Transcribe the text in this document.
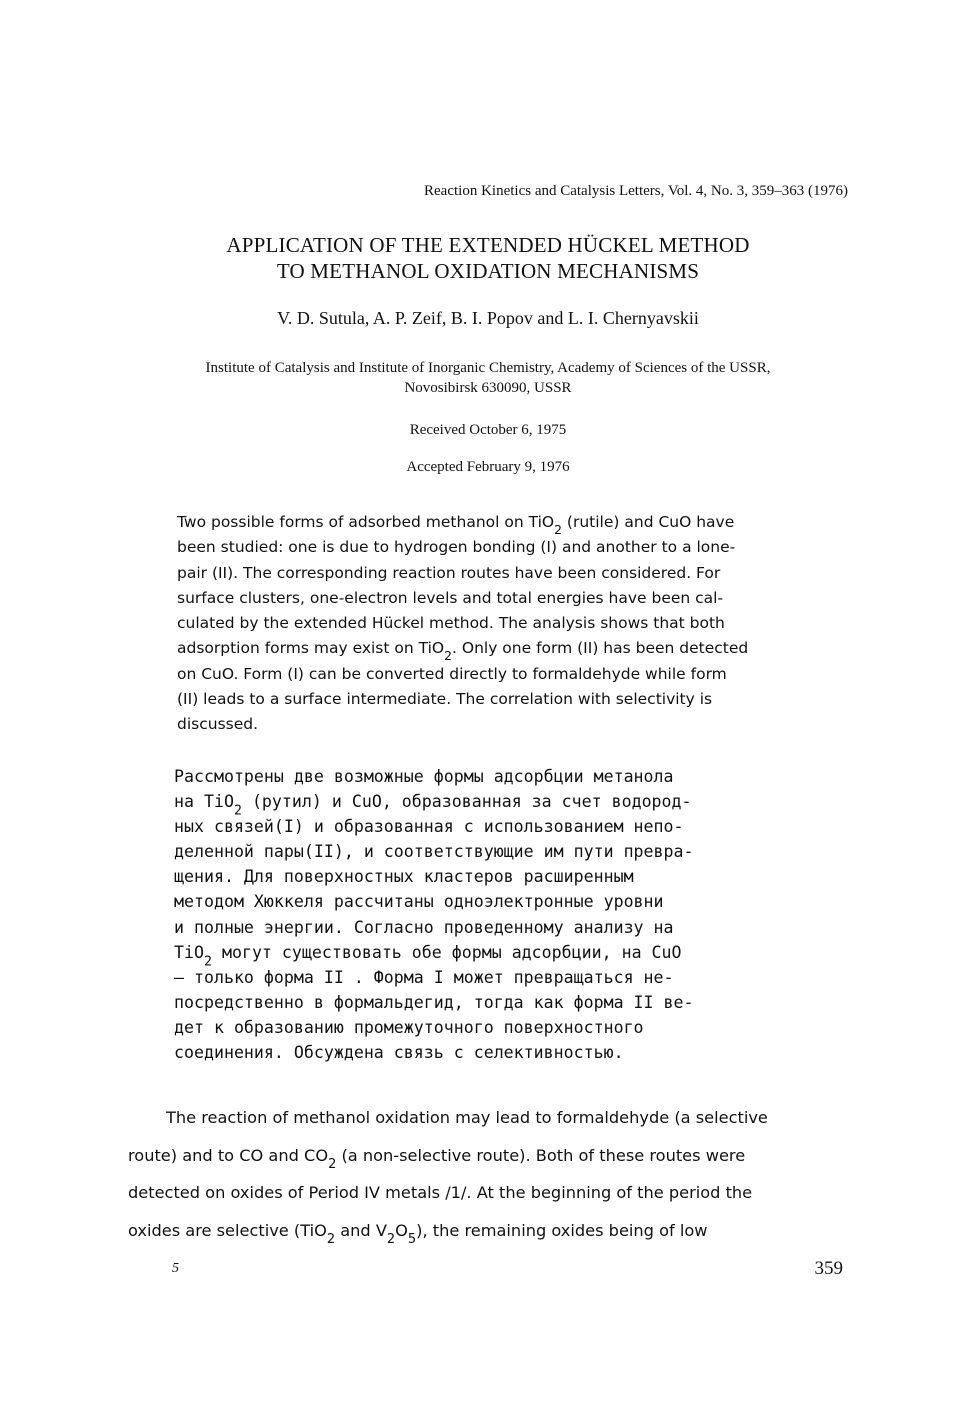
Reaction Kinetics and Catalysis Letters, Vol. 4, No. 3, 359–363 (1976)
APPLICATION OF THE EXTENDED HÜCKEL METHOD
TO METHANOL OXIDATION MECHANISMS
V. D. Sutula, A. P. Zeif, B. I. Popov and L. I. Chernyavskii
Institute of Catalysis and Institute of Inorganic Chemistry, Academy of Sciences of the USSR,
Novosibirsk 630090, USSR
Received October 6, 1975
Accepted February 9, 1976
Two possible forms of adsorbed methanol on TiO$_2$ (rutile) and CuO have
been studied: one is due to hydrogen bonding (I) and another to a lone-
pair (II). The corresponding reaction routes have been considered. For
surface clusters, one-electron levels and total energies have been cal-
culated by the extended Hückel method. The analysis shows that both
adsorption forms may exist on TiO$_2$. Only one form (II) has been detected
on CuO. Form (I) can be converted directly to formaldehyde while form
(II) leads to a surface intermediate. The correlation with selectivity is
discussed.
Рассмотрены две возможные формы адсорбции метанола
на TiO$_2$ (рутил) и CuO, образованная за счет водород-
ных связей(I) и образованная с использованием непо-
деленной пары(II), и соответствующие им пути превра-
щения. Для поверхностных кластеров расширенным
методом Хюккеля рассчитаны одноэлектронные уровни
и полные энергии. Согласно проведенному анализу на
TiO$_2$ могут существовать обе формы адсорбции, на CuO
– только форма II . Форма I может превращаться не-
посредственно в формальдегид, тогда как форма II ве-
дет к образованию промежуточного поверхностного
соединения. Обсуждена связь с селективностью.
The reaction of methanol oxidation may lead to formaldehyde (a selective
route) and to CO and $CO_2$ (a non-selective route). Both of these routes were
detected on oxides of Period IV metals /1/. At the beginning of the period the
oxides are selective (TiO$_2$ and $V_2O_5$), the remaining oxides being of low
5	359
